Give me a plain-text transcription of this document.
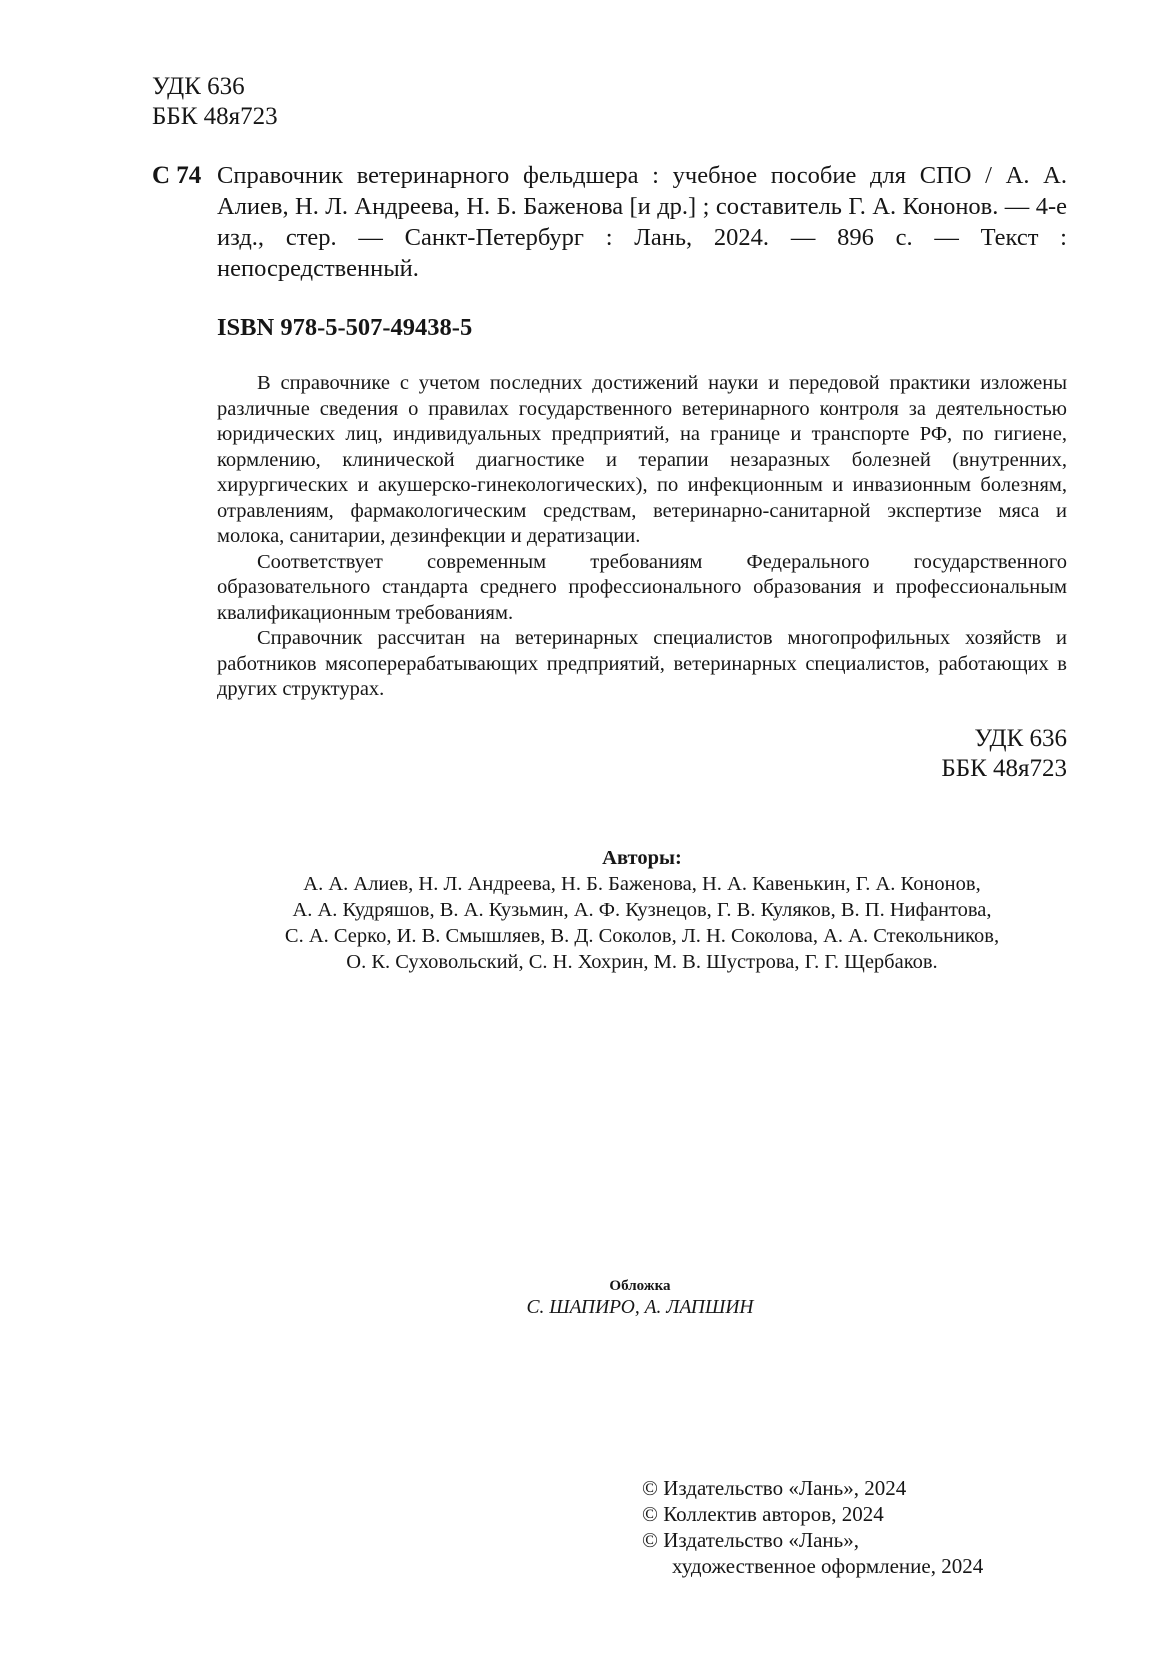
УДК 636
ББК 48я723
С 74 Справочник ветеринарного фельдшера : учебное пособие для СПО / А. А. Алиев, Н. Л. Андреева, Н. Б. Баженова [и др.] ; составитель Г. А. Кононов. — 4-е изд., стер. — Санкт-Петербург : Лань, 2024. — 896 с. — Текст : непосредственный.

ISBN 978-5-507-49438-5

В справочнике с учетом последних достижений науки и передовой практики изложены различные сведения о правилах государственного ветеринарного контроля за деятельностью юридических лиц, индивидуальных предприятий, на границе и транспорте РФ, по гигиене, кормлению, клинической диагностике и терапии незаразных болезней (внутренних, хирургических и акушерско-гинекологических), по инфекционным и инвазионным болезням, отравлениям, фармакологическим средствам, ветеринарно-санитарной экспертизе мяса и молока, санитарии, дезинфекции и дератизации.

Соответствует современным требованиям Федерального государственного образовательного стандарта среднего профессионального образования и профессиональным квалификационным требованиям.

Справочник рассчитан на ветеринарных специалистов многопрофильных хозяйств и работников мясоперерабатывающих предприятий, ветеринарных специалистов, работающих в других структурах.

УДК 636
ББК 48я723
Авторы:
А. А. Алиев, Н. Л. Андреева, Н. Б. Баженова, Н. А. Кавенькин, Г. А. Кононов,
А. А. Кудряшов, В. А. Кузьмин, А. Ф. Кузнецов, Г. В. Куляков, В. П. Нифантова,
С. А. Серко, И. В. Смышляев, В. Д. Соколов, Л. Н. Соколова, А. А. Стекольников,
О. К. Суховольский, С. Н. Хохрин, М. В. Шустрова, Г. Г. Щербаков.
Обложка
С. ШАПИРО, А. ЛАПШИН
© Издательство «Лань», 2024
© Коллектив авторов, 2024
© Издательство «Лань»,
художественное оформление, 2024
